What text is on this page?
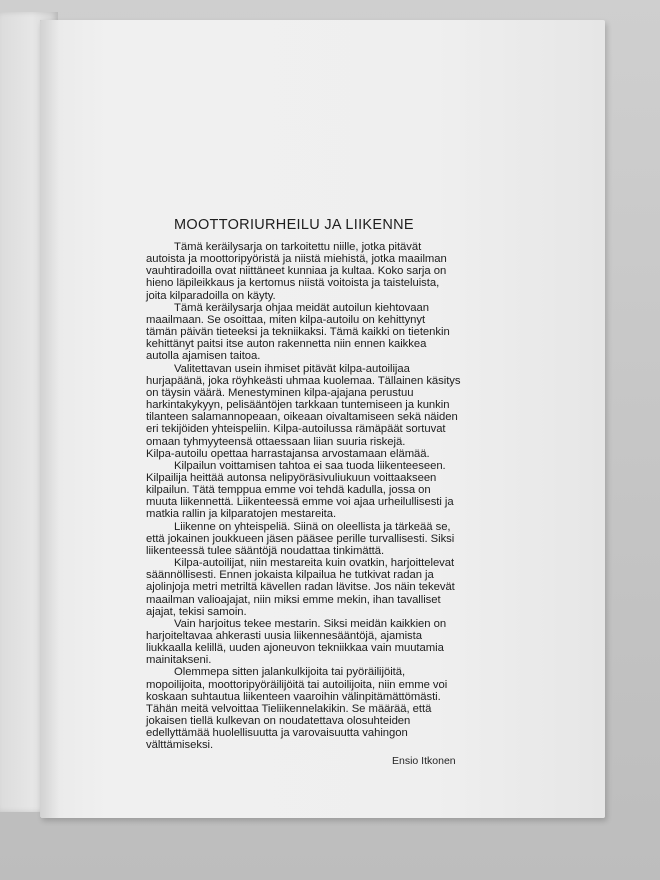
MOOTTORIURHEILU JA LIIKENNE
Tämä keräilysarja on tarkoitettu niille, jotka pitävät
autoista ja moottoripyöristä ja niistä miehistä, jotka maailman
vauhtiradoilla ovat niittäneet kunniaa ja kultaa. Koko sarja on
hieno läpileikkaus ja kertomus niistä voitoista ja taisteluista,
joita kilparadoilla on käyty.
Tämä keräilysarja ohjaa meidät autoilun kiehtovaan
maailmaan. Se osoittaa, miten kilpa-autoilu on kehittynyt
tämän päivän tieteeksi ja tekniikaksi. Tämä kaikki on tietenkin
kehittänyt paitsi itse auton rakennetta niin ennen kaikkea
autolla ajamisen taitoa.
Valitettavan usein ihmiset pitävät kilpa-autoilijaa
hurjapäänä, joka röyhkeästi uhmaa kuolemaa. Tällainen käsitys
on täysin väärä. Menestyminen kilpa-ajajana perustuu
harkintakykyyn, pelisääntöjen tarkkaan tuntemiseen ja kunkin
tilanteen salamannopeaan, oikeaan oivaltamiseen sekä näiden
eri tekijöiden yhteispeliin. Kilpa-autoilussa rämäpäät sortuvat
omaan tyhmyyteensä ottaessaan liian suuria riskejä.
Kilpa-autoilu opettaa harrastajansa arvostamaan elämää.
Kilpailun voittamisen tahtoa ei saa tuoda liikenteeseen.
Kilpailija heittää autonsa nelipyöräsivuliukuun voittaakseen
kilpailun. Tätä temppua emme voi tehdä kadulla, jossa on
muuta liikennettä. Liikenteessä emme voi ajaa urheilullisesti ja
matkia rallin ja kilparatojen mestareita.
Liikenne on yhteispeliä. Siinä on oleellista ja tärkeää se,
että jokainen joukkueen jäsen pääsee perille turvallisesti. Siksi
liikenteessä tulee sääntöjä noudattaa tinkimättä.
Kilpa-autoilijat, niin mestareita kuin ovatkin, harjoittelevat
säännöllisesti. Ennen jokaista kilpailua he tutkivat radan ja
ajolinjoja metri metriltä kävellen radan lävitse. Jos näin tekevät
maailman valioajajat, niin miksi emme mekin, ihan tavalliset
ajajat, tekisi samoin.
Vain harjoitus tekee mestarin. Siksi meidän kaikkien on
harjoiteltavaa ahkerasti uusia liikennesääntöjä, ajamista
liukkaalla kelillä, uuden ajoneuvon tekniikkaa vain muutamia
mainitakseni.
Olemmepa sitten jalankulkijoita tai pyöräilijöitä,
mopoilijoita, moottoripyöräilijöitä tai autoilijoita, niin emme voi
koskaan suhtautua liikenteen vaaroihin välinpitämättömästi.
Tähän meitä velvoittaa Tieliikennelakikin. Se määrää, että
jokaisen tiellä kulkevan on noudatettava olosuhteiden
edellyttämää huolellisuutta ja varovaisuutta vahingon
välttämiseksi.
Ensio Itkonen
